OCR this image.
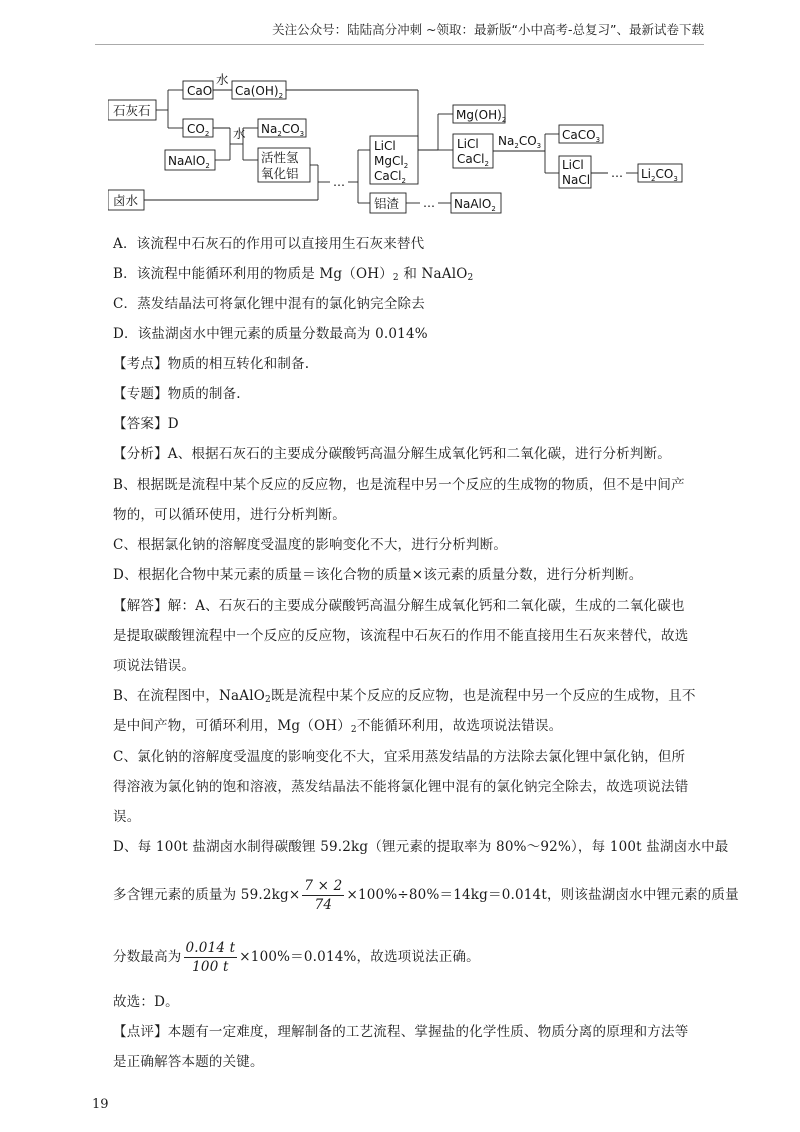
关注公众号：陆陆高分冲刺 ~领取：最新版“小中高考-总复习”、最新试卷下载
石灰石
CaO
水
$Ca(OH)_2$
$CO_2$
NaAlO$_2$
水 $Na_2CO_3$
活性氢
氧化铝
卤水
…
LiCl
MgCl$_2$
CaCl$_2$
$Mg(OH)_2$
LiCl
CaCl$_2$
$Na_2CO_3$
CaCO$_3$
LiCl
NaCl … $Li_2CO_3$
铝渣 … NaAlO$_2$
A．该流程中石灰石的作用可以直接用生石灰来替代
B．该流程中能循环利用的物质是 $Mg(OH)_2$ 和 NaAlO$_2$
C．蒸发结晶法可将氯化锂中混有的氯化钠完全除去
D．该盐湖卤水中锂元素的质量分数最高为 0.014%
【考点】物质的相互转化和制备.
【专题】物质的制备.
【答案】D
【分析】A、根据石灰石的主要成分碳酸钙高温分解生成氧化钙和二氧化碳，进行分析判断。
B、根据既是流程中某个反应的反应物，也是流程中另一个反应的生成物的物质，但不是中间产
物的，可以循环使用，进行分析判断。
C、根据氯化钠的溶解度受温度的影响变化不大，进行分析判断。
D、根据化合物中某元素的质量＝该化合物的质量×该元素的质量分数，进行分析判断。
【解答】解：A、石灰石的主要成分碳酸钙高温分解生成氧化钙和二氧化碳，生成的二氧化碳也
是提取碳酸锂流程中一个反应的反应物，该流程中石灰石的作用不能直接用生石灰来替代，故选
项说法错误。
B、在流程图中，NaAlO$_2$既是流程中某个反应的反应物，也是流程中另一个反应的生成物，且不
是中间产物，可循环利用，$Mg(OH)_2$不能循环利用，故选项说法错误。
C、氯化钠的溶解度受温度的影响变化不大，宜采用蒸发结晶的方法除去氯化锂中氯化钠，但所
得溶液为氯化钠的饱和溶液，蒸发结晶法不能将氯化锂中混有的氯化钠完全除去，故选项说法错
误。
D、每 100t 盐湖卤水制得碳酸锂 59.2kg（锂元素的提取率为 80%～92%），每 100t 盐湖卤水中最
多含锂元素的质量为 $59.2kg\times \frac{7 \times 2}{74} \times 100\%\div 80\%=14kg=0.014t$，则该盐湖卤水中锂元素的质量
分数最高为 $\frac{0.014 t}{100 t} \times 100\%=0.014\%$，故选项说法正确。
故选：D。
【点评】本题有一定难度，理解制备的工艺流程、掌握盐的化学性质、物质分离的原理和方法等
是正确解答本题的关键。
19
